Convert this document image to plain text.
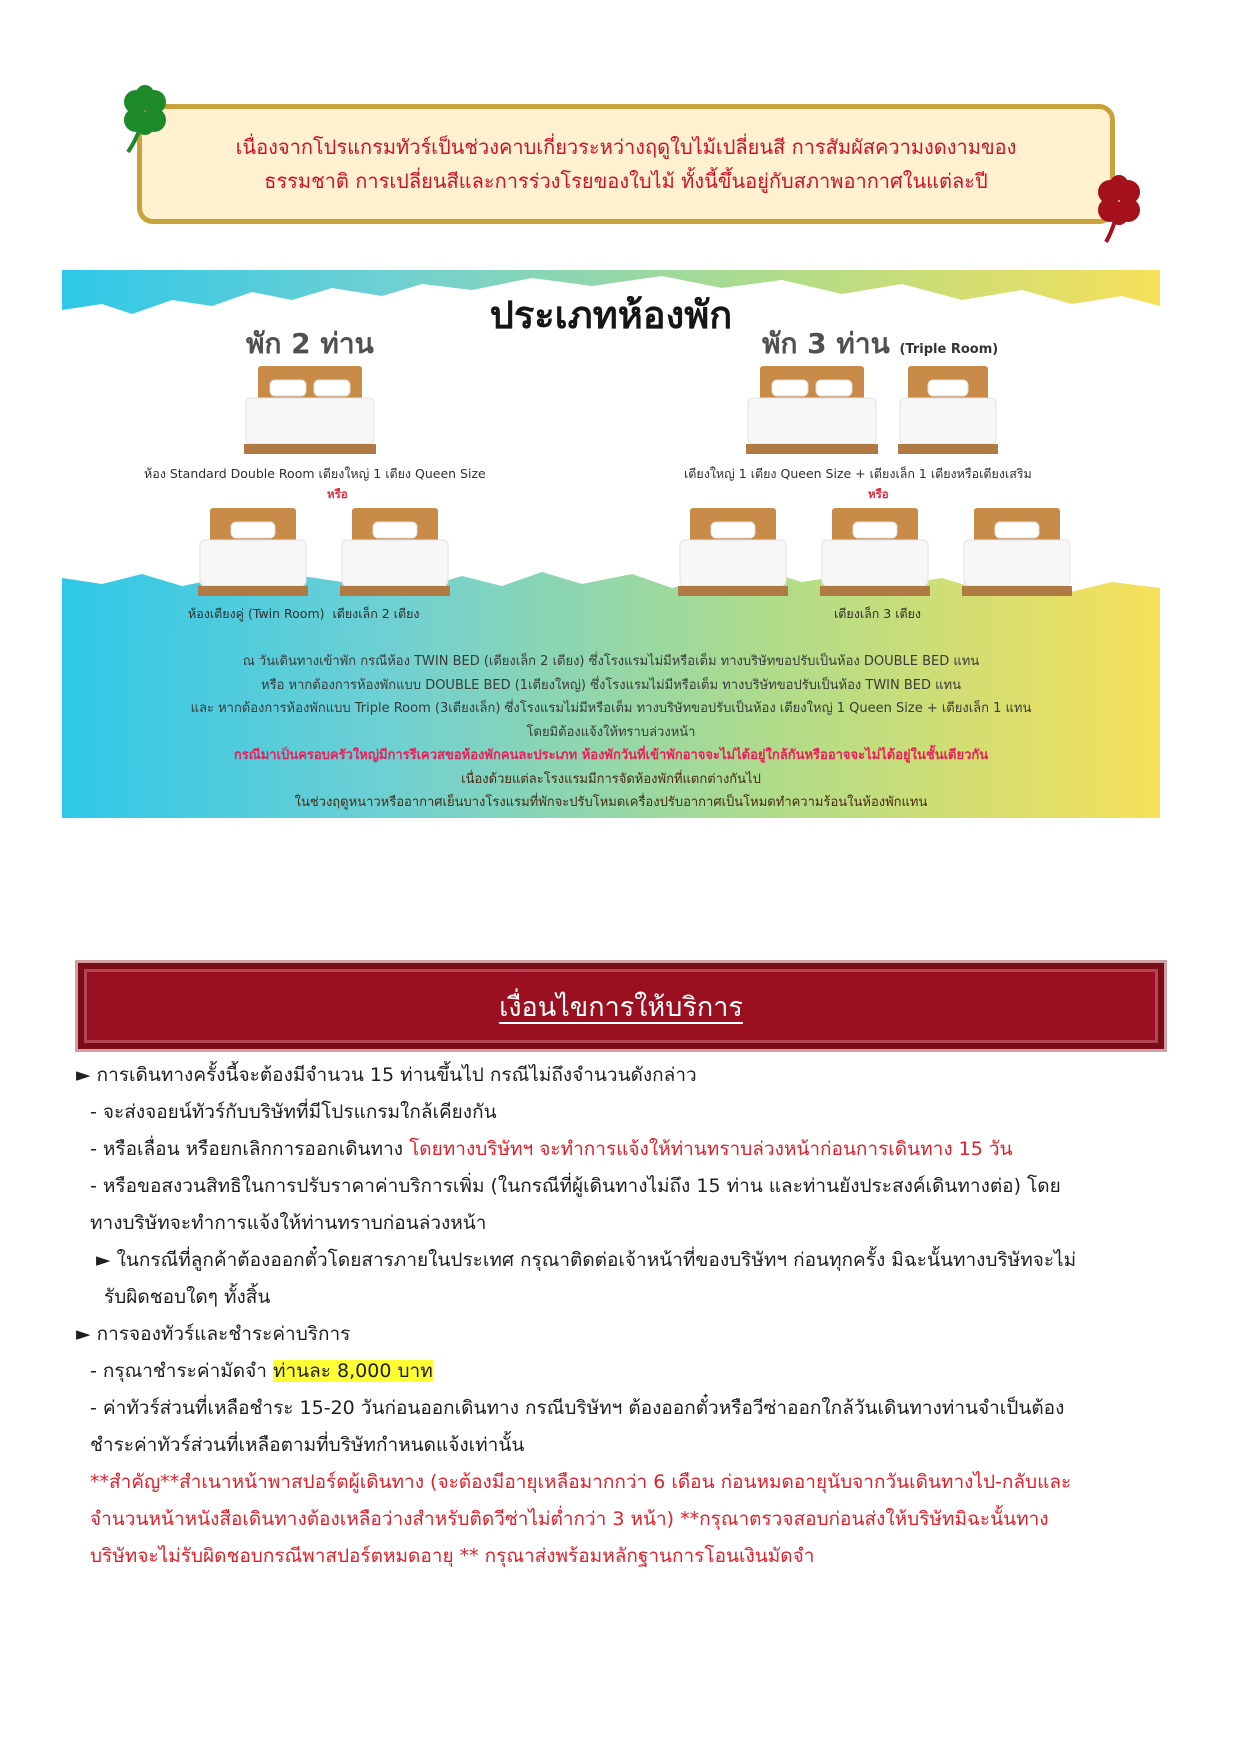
เนื่องจากโปรแกรมทัวร์เป็นช่วงคาบเกี่ยวระหว่างฤดูใบไม้เปลี่ยนสี การสัมผัสความงดงามของ
ธรรมชาติ การเปลี่ยนสีและการร่วงโรยของใบไม้ ทั้งนี้ขึ้นอยู่กับสภาพอากาศในแต่ละปี
ประเภทห้องพัก
พัก 2 ท่าน	พัก 3 ท่าน (Triple Room)
ห้อง Standard Double Room เตียงใหญ่ 1 เตียง Queen Size	เตียงใหญ่ 1 เตียง Queen Size + เตียงเล็ก 1 เตียงหรือเตียงเสริม
หรือ	หรือ
ห้องเตียงคู่ (Twin Room) เตียงเล็ก 2 เตียง	เตียงเล็ก 3 เตียง
ณ วันเดินทางเข้าพัก กรณีห้อง TWIN BED (เตียงเล็ก 2 เตียง) ซึ่งโรงแรมไม่มีหรือเต็ม ทางบริษัทขอปรับเป็นห้อง DOUBLE BED แทน
หรือ หากต้องการห้องพักแบบ DOUBLE BED (1เตียงใหญ่) ซึ่งโรงแรมไม่มีหรือเต็ม ทางบริษัทขอปรับเป็นห้อง TWIN BED แทน
และ หากต้องการห้องพักแบบ Triple Room (3เตียงเล็ก) ซึ่งโรงแรมไม่มีหรือเต็ม ทางบริษัทขอปรับเป็นห้อง เตียงใหญ่ 1 Queen Size + เตียงเล็ก 1 แทน
โดยมิต้องแจ้งให้ทราบล่วงหน้า
กรณีมาเป็นครอบครัวใหญ่มีการรีเควสขอห้องพักคนละประเภท ห้องพักวันที่เข้าพักอาจจะไม่ได้อยู่ใกล้กันหรืออาจจะไม่ได้อยู่ในชั้นเดียวกัน
เนื่องด้วยแต่ละโรงแรมมีการจัดห้องพักที่แตกต่างกันไป
ในช่วงฤดูหนาวหรืออากาศเย็นบางโรงแรมที่พักจะปรับโหมดเครื่องปรับอากาศเป็นโหมดทำความร้อนในห้องพักแทน
เงื่อนไขการให้บริการ
► การเดินทางครั้งนี้จะต้องมีจำนวน 15 ท่านขึ้นไป กรณีไม่ถึงจำนวนดังกล่าว
- จะส่งจอยน์ทัวร์กับบริษัทที่มีโปรแกรมใกล้เคียงกัน
- หรือเลื่อน หรือยกเลิกการออกเดินทาง โดยทางบริษัทฯ จะทำการแจ้งให้ท่านทราบล่วงหน้าก่อนการเดินทาง 15 วัน
- หรือขอสงวนสิทธิในการปรับราคาค่าบริการเพิ่ม (ในกรณีที่ผู้เดินทางไม่ถึง 15 ท่าน และท่านยังประสงค์เดินทางต่อ) โดย
ทางบริษัทจะทำการแจ้งให้ท่านทราบก่อนล่วงหน้า
► ในกรณีที่ลูกค้าต้องออกตั๋วโดยสารภายในประเทศ กรุณาติดต่อเจ้าหน้าที่ของบริษัทฯ ก่อนทุกครั้ง มิฉะนั้นทางบริษัทจะไม่
รับผิดชอบใดๆ ทั้งสิ้น
► การจองทัวร์และชำระค่าบริการ
- กรุณาชำระค่ามัดจำ ท่านละ 8,000 บาท
- ค่าทัวร์ส่วนที่เหลือชำระ 15-20 วันก่อนออกเดินทาง กรณีบริษัทฯ ต้องออกตั๋วหรือวีซ่าออกใกล้วันเดินทางท่านจำเป็นต้อง
ชำระค่าทัวร์ส่วนที่เหลือตามที่บริษัทกำหนดแจ้งเท่านั้น
**สำคัญ**สำเนาหน้าพาสปอร์ตผู้เดินทาง (จะต้องมีอายุเหลือมากกว่า 6 เดือน ก่อนหมดอายุนับจากวันเดินทางไป-กลับและ
จำนวนหน้าหนังสือเดินทางต้องเหลือว่างสำหรับติดวีซ่าไม่ต่ำกว่า 3 หน้า) **กรุณาตรวจสอบก่อนส่งให้บริษัทมิฉะนั้นทาง
บริษัทจะไม่รับผิดชอบกรณีพาสปอร์ตหมดอายุ ** กรุณาส่งพร้อมหลักฐานการโอนเงินมัดจำ
